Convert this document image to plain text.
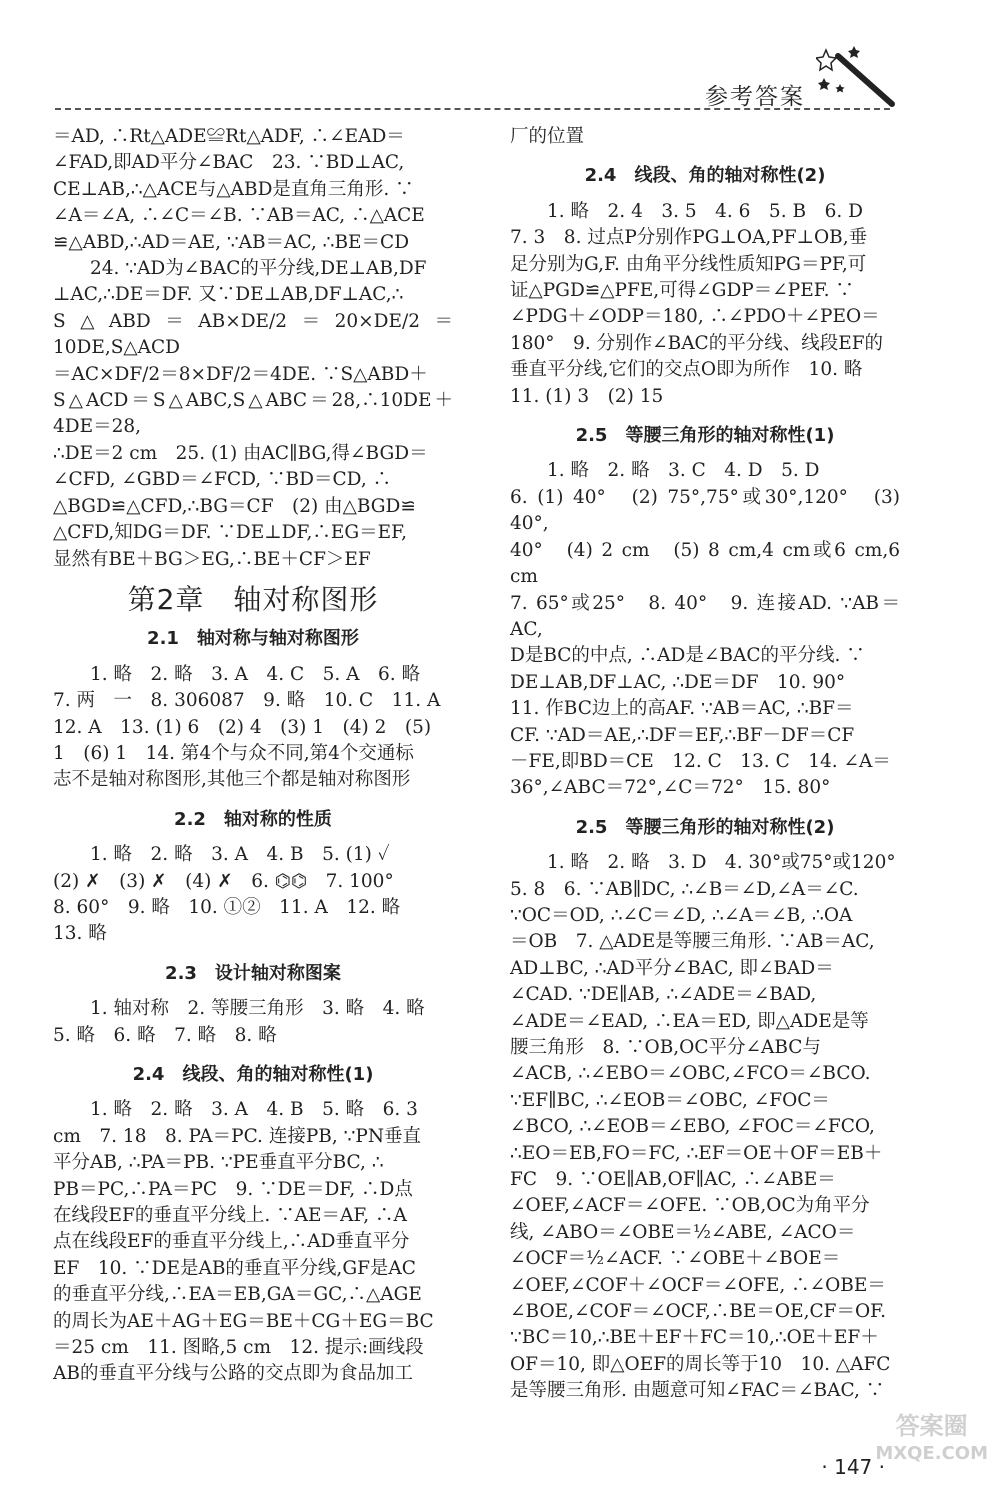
参考答案
＝AD, ∴Rt△ADE≌Rt△ADF, ∴∠EAD＝
∠FAD,即AD平分∠BAC　23. ∵BD⊥AC,
CE⊥AB,∴△ACE与△ABD是直角三角形. ∵
∠A＝∠A, ∴∠C＝∠B. ∵AB＝AC, ∴△ACE
≌△ABD,∴AD＝AE, ∵AB＝AC, ∴BE＝CD
24. ∵AD为∠BAC的平分线,DE⊥AB,DF
⊥AC,∴DE＝DF. 又∵DE⊥AB,DF⊥AC,∴
S△ABD＝AB×DE/2＝20×DE/2＝10DE,S△ACD
＝AC×DF/2＝8×DF/2＝4DE. ∵S△ABD＋
S△ACD＝S△ABC,S△ABC＝28,∴10DE＋4DE＝28,
∴DE＝2 cm　25. (1) 由AC∥BG,得∠BGD＝
∠CFD, ∠GBD＝∠FCD, ∵BD＝CD, ∴
△BGD≌△CFD,∴BG＝CF　(2) 由△BGD≌
△CFD,知DG＝DF. ∵DE⊥DF,∴EG＝EF,
显然有BE＋BG＞EG,∴BE＋CF＞EF
第2章　轴对称图形
2.1　轴对称与轴对称图形
1. 略　2. 略　3. A　4. C　5. A　6. 略
7. 两　一　8. 306087　9. 略　10. C　11. A
12. A　13. (1) 6　(2) 4　(3) 1　(4) 2　(5)
1　(6) 1　14. 第4个与众不同,第4个交通标
志不是轴对称图形,其他三个都是轴对称图形
2.2　轴对称的性质
1. 略　2. 略　3. A　4. B　5. (1) ✓
(2) ✗　(3) ✗　(4) ✗　6. ⌬⌬　7. 100°
8. 60°　9. 略　10. ①②　11. A　12. 略
13. 略
2.3　设计轴对称图案
1. 轴对称　2. 等腰三角形　3. 略　4. 略
5. 略　6. 略　7. 略　8. 略
2.4　线段、角的轴对称性(1)
1. 略　2. 略　3. A　4. B　5. 略　6. 3
cm　7. 18　8. PA＝PC. 连接PB, ∵PN垂直
平分AB, ∴PA＝PB. ∵PE垂直平分BC, ∴
PB＝PC,∴PA＝PC　9. ∵DE＝DF, ∴D点
在线段EF的垂直平分线上. ∵AE＝AF, ∴A
点在线段EF的垂直平分线上,∴AD垂直平分
EF　10. ∵DE是AB的垂直平分线,GF是AC
的垂直平分线,∴EA＝EB,GA＝GC,∴△AGE
的周长为AE＋AG＋EG＝BE＋CG＋EG＝BC
＝25 cm　11. 图略,5 cm　12. 提示:画线段
AB的垂直平分线与公路的交点即为食品加工
厂的位置
2.4　线段、角的轴对称性(2)
1. 略　2. 4　3. 5　4. 6　5. B　6. D
7. 3　8. 过点P分别作PG⊥OA,PF⊥OB,垂
足分别为G,F. 由角平分线性质知PG＝PF,可
证△PGD≌△PFE,可得∠GDP＝∠PEF. ∵
∠PDG＋∠ODP＝180, ∴∠PDO＋∠PEO＝
180°　9. 分别作∠BAC的平分线、线段EF的
垂直平分线,它们的交点O即为所作　10. 略
11. (1) 3　(2) 15
2.5　等腰三角形的轴对称性(1)
1. 略　2. 略　3. C　4. D　5. D
6. (1) 40°　(2) 75°,75°或30°,120°　(3) 40°,
40°　(4) 2 cm　(5) 8 cm,4 cm或6 cm,6 cm
7. 65°或25°　8. 40°　9. 连接AD. ∵AB＝AC,
D是BC的中点, ∴AD是∠BAC的平分线. ∵
DE⊥AB,DF⊥AC, ∴DE＝DF　10. 90°
11. 作BC边上的高AF. ∵AB＝AC, ∴BF＝
CF. ∵AD＝AE,∴DF＝EF,∴BF－DF＝CF
－FE,即BD＝CE　12. C　13. C　14. ∠A＝
36°,∠ABC＝72°,∠C＝72°　15. 80°
2.5　等腰三角形的轴对称性(2)
1. 略　2. 略　3. D　4. 30°或75°或120°
5. 8　6. ∵AB∥DC, ∴∠B＝∠D,∠A＝∠C.
∵OC＝OD, ∴∠C＝∠D, ∴∠A＝∠B, ∴OA
＝OB　7. △ADE是等腰三角形. ∵AB＝AC,
AD⊥BC, ∴AD平分∠BAC, 即∠BAD＝
∠CAD. ∵DE∥AB, ∴∠ADE＝∠BAD,
∠ADE＝∠EAD, ∴EA＝ED, 即△ADE是等
腰三角形　8. ∵OB,OC平分∠ABC与
∠ACB, ∴∠EBO＝∠OBC,∠FCO＝∠BCO.
∵EF∥BC, ∴∠EOB＝∠OBC, ∠FOC＝
∠BCO, ∴∠EOB＝∠EBO, ∠FOC＝∠FCO,
∴EO＝EB,FO＝FC, ∴EF＝OE＋OF＝EB＋
FC　9. ∵OE∥AB,OF∥AC, ∴∠ABE＝
∠OEF,∠ACF＝∠OFE. ∵OB,OC为角平分
线, ∠ABO＝∠OBE＝½∠ABE, ∠ACO＝
∠OCF＝½∠ACF. ∵∠OBE＋∠BOE＝
∠OEF,∠COF＋∠OCF＝∠OFE, ∴∠OBE＝
∠BOE,∠COF＝∠OCF,∴BE＝OE,CF＝OF.
∵BC＝10,∴BE＋EF＋FC＝10,∴OE＋EF＋
OF＝10, 即△OEF的周长等于10　10. △AFC
是等腰三角形. 由题意可知∠FAC＝∠BAC, ∵
· 147 ·
答案圈
MXQE.COM
